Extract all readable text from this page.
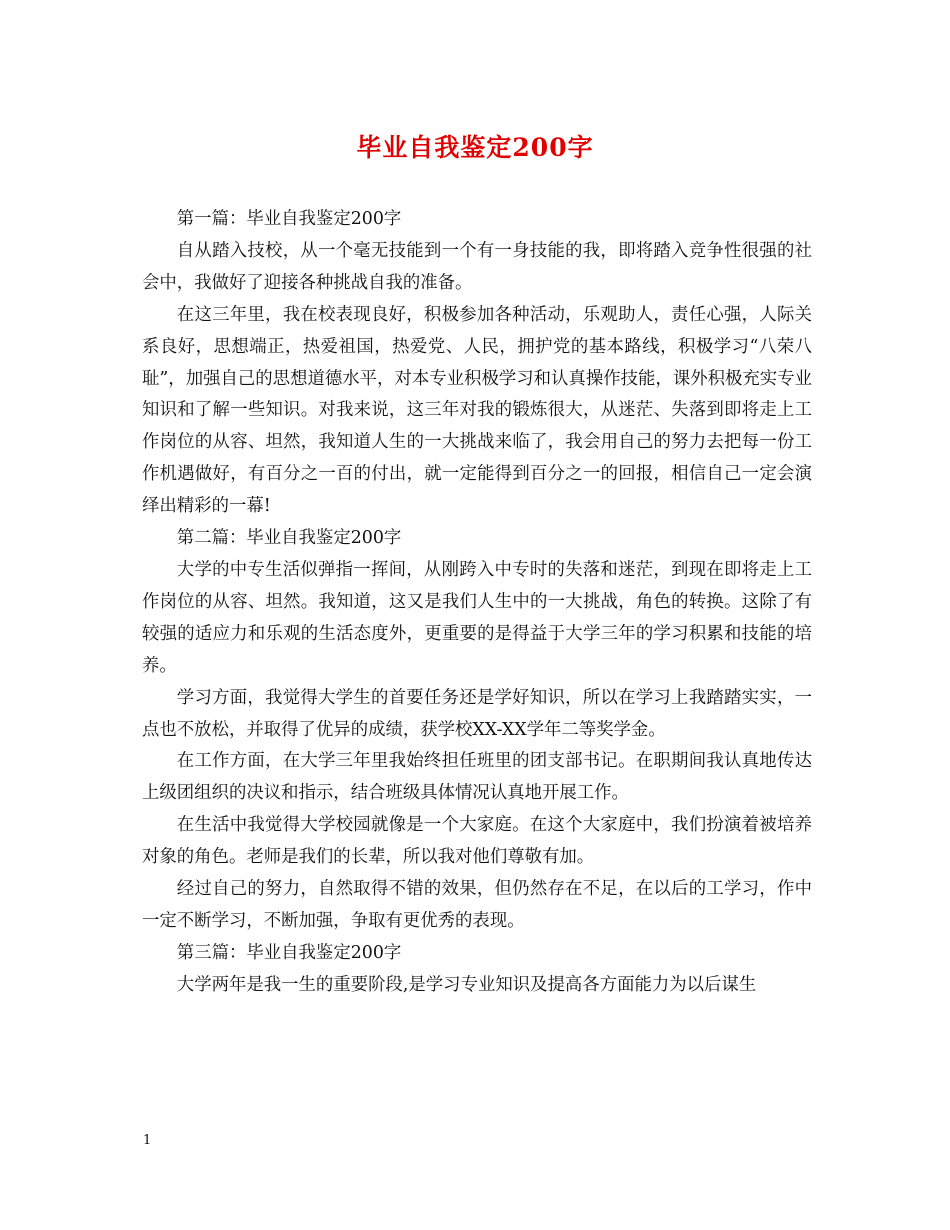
毕业自我鉴定200字

第一篇：毕业自我鉴定200字

自从踏入技校，从一个毫无技能到一个有一身技能的我，即将踏入竞争性很强的社会中，我做好了迎接各种挑战自我的准备。

在这三年里，我在校表现良好，积极参加各种活动，乐观助人，责任心强，人际关系良好，思想端正，热爱祖国，热爱党、人民，拥护党的基本路线，积极学习“八荣八耻”，加强自己的思想道德水平，对本专业积极学习和认真操作技能，课外积极充实专业知识和了解一些知识。对我来说，这三年对我的锻炼很大，从迷茫、失落到即将走上工作岗位的从容、坦然，我知道人生的一大挑战来临了，我会用自己的努力去把每一份工作机遇做好，有百分之一百的付出，就一定能得到百分之一的回报，相信自己一定会演绎出精彩的一幕!

第二篇：毕业自我鉴定200字

大学的中专生活似弹指一挥间，从刚跨入中专时的失落和迷茫，到现在即将走上工作岗位的从容、坦然。我知道，这又是我们人生中的一大挑战，角色的转换。这除了有较强的适应力和乐观的生活态度外，更重要的是得益于大学三年的学习积累和技能的培养。

学习方面，我觉得大学生的首要任务还是学好知识，所以在学习上我踏踏实实，一点也不放松，并取得了优异的成绩，获学校XX-XX学年二等奖学金。

在工作方面，在大学三年里我始终担任班里的团支部书记。在职期间我认真地传达上级团组织的决议和指示，结合班级具体情况认真地开展工作。

在生活中我觉得大学校园就像是一个大家庭。在这个大家庭中，我们扮演着被培养对象的角色。老师是我们的长辈，所以我对他们尊敬有加。

经过自己的努力，自然取得不错的效果，但仍然存在不足，在以后的工学习，作中一定不断学习，不断加强，争取有更优秀的表现。

第三篇：毕业自我鉴定200字

大学两年是我一生的重要阶段,是学习专业知识及提高各方面能力为以后谋生

1
